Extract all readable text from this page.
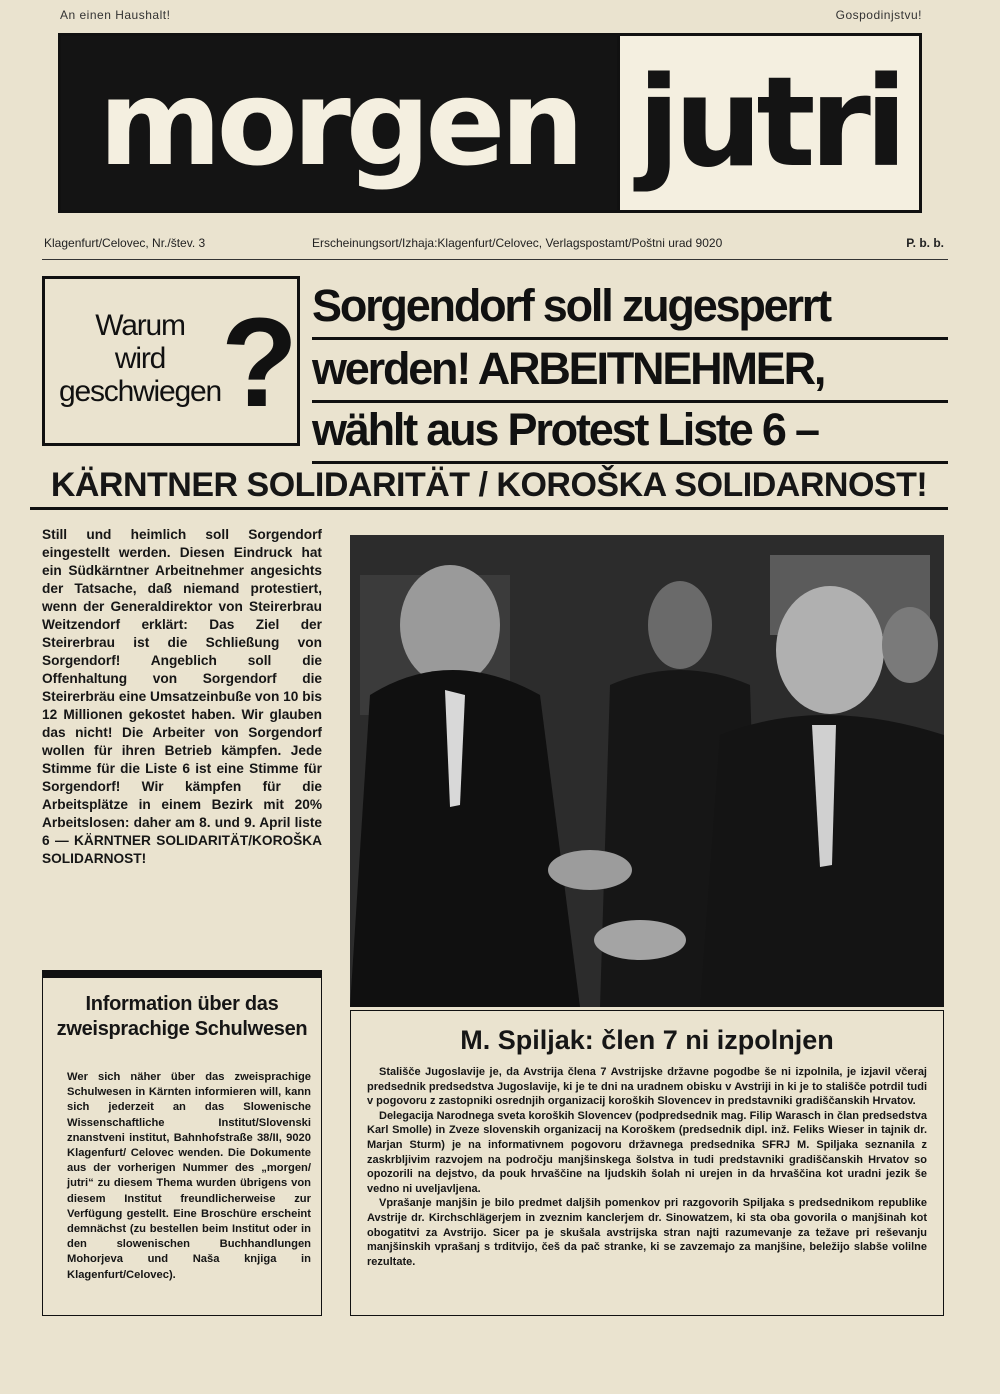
An einen Haushalt!	Gospodinjstvu!
morgen jutri
Klagenfurt/Celovec, Nr./štev. 3	Erscheinungsort/Izhaja:Klagenfurt/Celovec, Verlagspostamt/Poštni urad 9020	P. b. b.
Warum
wird
geschwiegen ? Sorgendorf soll zugesperrt
werden! ARBEITNEHMER,
wählt aus Protest Liste 6 –
KÄRNTNER SOLIDARITÄT / KOROŠKA SOLIDARNOST!
Still und heimlich soll Sorgendorf eingestellt werden. Diesen Eindruck hat ein Südkärntner Arbeitnehmer angesichts der Tatsache, daß niemand protestiert, wenn der Generaldirektor von Steirerbrau Weitzendorf erklärt: Das Ziel der Steirerbrau ist die Schließung von Sorgendorf! Angeblich soll die Offenhaltung von Sorgendorf die Steirerbräu eine Umsatzeinbuße von 10 bis 12 Millionen gekostet haben. Wir glauben das nicht! Die Arbeiter von Sorgendorf wollen für ihren Betrieb kämpfen. Jede Stimme für die Liste 6 ist eine Stimme für Sorgendorf! Wir kämpfen für die Arbeitsplätze in einem Bezirk mit 20% Arbeitslosen: daher am 8. und 9. April liste 6 — KÄRNTNER SOLIDARITÄT/KOROŠKA SOLIDARNOST!
Information über das zweisprachige Schulwesen
Wer sich näher über das zweisprachige Schulwesen in Kärnten informieren will, kann sich jederzeit an das Slowenische Wissenschaftliche Institut/Slovenski znanstveni institut, Bahnhofstraße 38/II, 9020 Klagenfurt/ Celovec wenden. Die Dokumente aus der vorherigen Nummer des „morgen/ jutri“ zu diesem Thema wurden übrigens von diesem Institut freundlicherweise zur Verfügung gestellt. Eine Broschüre erscheint demnächst (zu bestellen beim Institut oder in den slowenischen Buchhandlungen Mohorjeva und Naša knjiga in Klagenfurt/Celovec).
M. Spiljak: člen 7 ni izpolnjen

Stališče Jugoslavije je, da Avstrija člena 7 Avstrijske državne pogodbe še ni izpolnila, je izjavil včeraj predsednik predsedstva Jugoslavije, ki je te dni na uradnem obisku v Avstriji in ki je to stališče potrdil tudi v pogovoru z zastopniki osrednjih organizacij koroških Slovencev in predstavniki gradiščanskih Hrvatov.

Delegacija Narodnega sveta koroških Slovencev (podpredsednik mag. Filip Warasch in član predsedstva Karl Smolle) in Zveze slovenskih organizacij na Koroškem (predsednik dipl. inž. Feliks Wieser in tajnik dr. Marjan Sturm) je na informativnem pogovoru državnega predsednika SFRJ M. Spiljaka seznanila z zaskrbljivim razvojem na področju manjšinskega šolstva in tudi predstavniki gradiščanskih Hrvatov so opozorili na dejstvo, da pouk hrvaščine na ljudskih šolah ni urejen in da hrvaščina kot uradni jezik še vedno ni uveljavljena.

Vprašanje manjšin je bilo predmet daljših pomenkov pri razgovorih Spiljaka s predsednikom republike Avstrije dr. Kirchschlägerjem in zveznim kanclerjem dr. Sinowatzem, ki sta oba govorila o manjšinah kot obogatitvi za Avstrijo. Sicer pa je skušala avstrijska stran najti razumevanje za težave pri reševanju manjšinskih vprašanj s trditvijo, češ da pač stranke, ki se zavzemajo za manjšine, beležijo slabše volilne rezultate.
